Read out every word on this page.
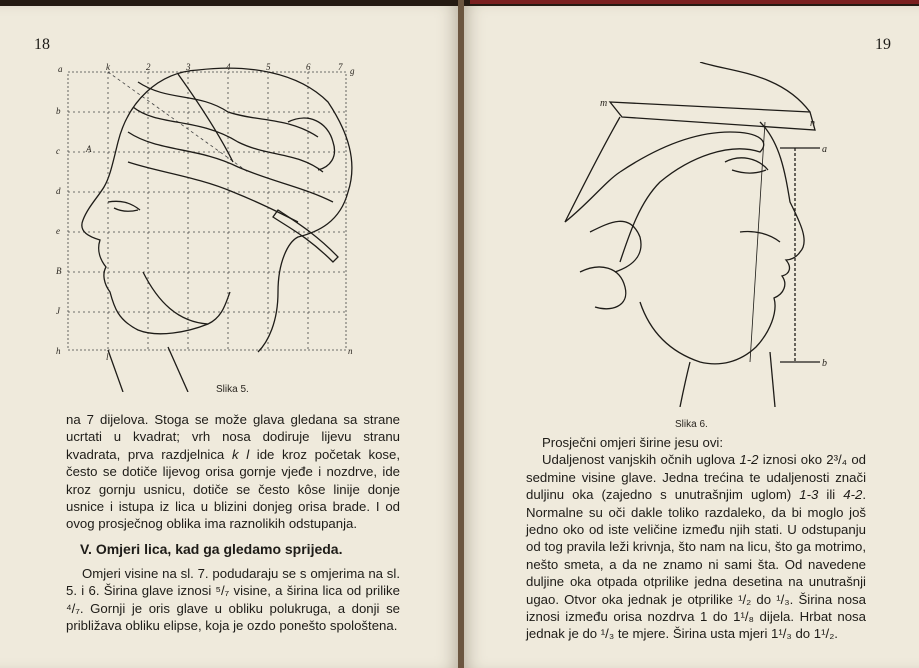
18
a	k	2	3	4	5	6	7 g
b
c	A
d
e
B
J
h
l
n
Slika 5.

na 7 dijelova. Stoga se može glava gledana sa strane ucrtati u kvadrat; vrh nosa dodiruje lijevu stranu kvadrata, prva razdjelnica k l ide kroz početak kose, često se dotiče lijevog orisa gornje vjeđe i nozdrve, ide kroz gornju usnicu, dotiče se često kôse linije donje usnice i istupa iz lica u blizini donjeg orisa brade. I od ovog prosječnog oblika ima raznolikih odstupanja.

V. Omjeri lica, kad ga gledamo sprijeda.

Omjeri visine na sl. 7. podudaraju se s omjerima na sl. 5. i 6. Širina glave iznosi ⁵/₇ visine, a širina lica od prilike ⁴/₇. Gornji je oris glave u obliku polukruga, a donji se približava obliku elipse, koja je ozdo ponešto spološtena.

19
m
n
a
b
Slika 6.

Prosječni omjeri širine jesu ovi:

Udaljenost vanjskih očnih uglova 1-2 iznosi oko 2³/₄ od sedmine visine glave. Jedna trećina te udaljenosti znači duljinu oka (zajedno s unutrašnjim uglom) 1-3 ili 4-2. Normalne su oči dakle toliko razdaleko, da bi moglo još jedno oko od iste veličine između njih stati. U odstupanju od tog pravila leži krivnja, što nam na licu, što ga motrimo, nešto smeta, a da ne znamo ni sami šta. Od navedene duljine oka otpada otprilike jedna desetina na unutrašnji ugao. Otvor oka jednak je otprilike ¹/₂ do ¹/₃. Širina nosa iznosi između orisa nozdrva 1 do 1¹/₈ dijela. Hrbat nosa jednak je do ¹/₃ te mjere. Širina usta mjeri 1¹/₃ do 1¹/₂.
